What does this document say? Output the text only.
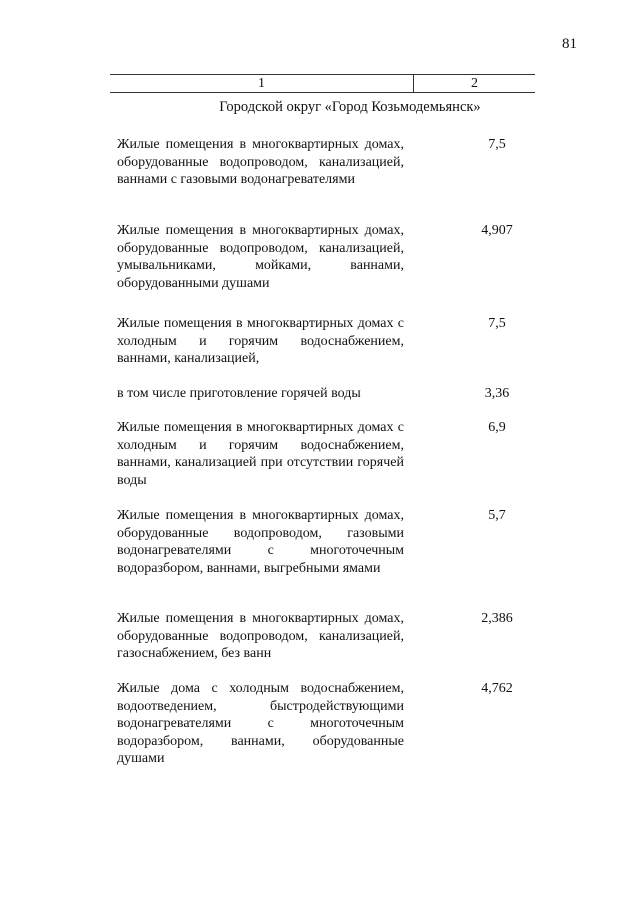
81
1	2
Городской округ «Город Козьмодемьянск»
Жилые помещения в многоквартирных домах, оборудованные водопроводом, канализацией, ваннами с газовыми водонагревателями
7,5
Жилые помещения в многоквартирных домах, оборудованные водопроводом, канализацией, умывальниками, мойками, ваннами, оборудованными душами
4,907
Жилые помещения в многоквартирных домах с холодным и горячим водоснабжением, ваннами, канализацией,
7,5
в том числе приготовление горячей воды	3,36
Жилые помещения в многоквартирных домах с холодным и горячим водоснабжением, ваннами, канализацией при отсутствии горячей воды
6,9
Жилые помещения в многоквартирных домах, оборудованные водопроводом, газовыми водонагревателями с многоточечным водоразбором, ваннами, выгребными ямами
5,7
Жилые помещения в многоквартирных домах, оборудованные водопроводом, канализацией, газоснабжением, без ванн
2,386
Жилые дома с холодным водоснабжением, водоотведением, быстродействующими водонагревателями с многоточечным водоразбором, ваннами, оборудованные душами
4,762
